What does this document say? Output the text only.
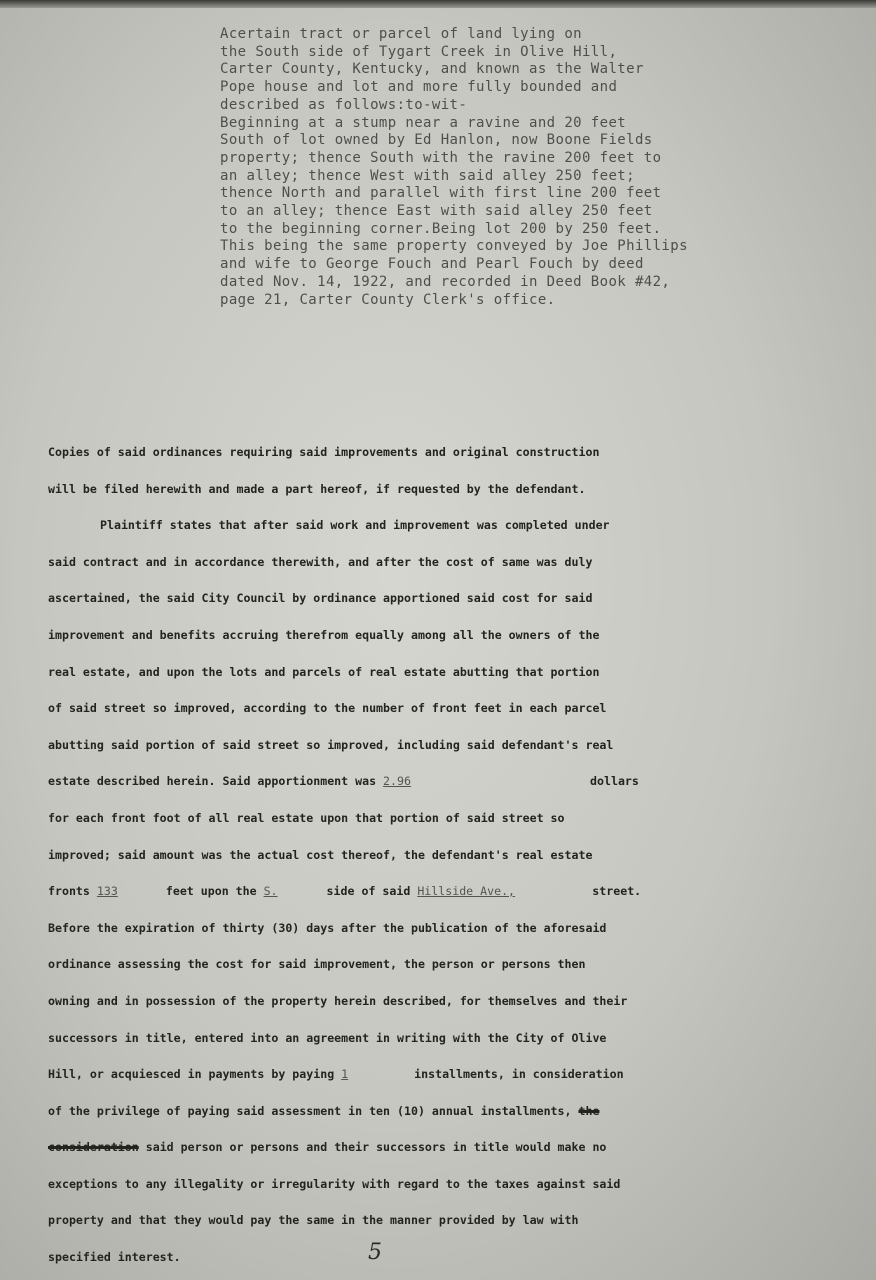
Acertain tract or parcel of land lying on
the South side of Tygart Creek in Olive Hill,
Carter County, Kentucky, and known as the Walter
Pope house and lot and more fully bounded and
described as follows:to-wit-
Beginning at a stump near a ravine and 20 feet
South of lot owned by Ed Hanlon, now Boone Fields
property; thence South with the ravine 200 feet to
an alley; thence West with said alley 250 feet;
thence North and parallel with first line 200 feet
to an alley; thence East with said alley 250 feet
to the beginning corner.Being lot 200 by 250 feet.
This being the same property conveyed by Joe Phillips
and wife to George Fouch and Pearl Fouch by deed
dated Nov. 14, 1922, and recorded in Deed Book #42,
page 21, Carter County Clerk's office.
Copies of said ordinances requiring said improvements and original construction
will be filed herewith and made a part hereof, if requested by the defendant.
Plaintiff states that after said work and improvement was completed under
said contract and in accordance therewith, and after the cost of same was duly
ascertained, the said City Council by ordinance apportioned said cost for said
improvement and benefits accruing therefrom equally among all the owners of the
real estate, and upon the lots and parcels of real estate abutting that portion
of said street so improved, according to the number of front feet in each parcel
abutting said portion of said street so improved, including said defendant's real
estate described herein. Said apportionment was 2.96	dollars
for each front foot of all real estate upon that portion of said street so
improved; said amount was the actual cost thereof, the defendant's real estate
fronts 133	feet upon the S.	side of said Hillside Ave.,	street.
Before the expiration of thirty (30) days after the publication of the aforesaid
ordinance assessing the cost for said improvement, the person or persons then
owning and in possession of the property herein described, for themselves and their
successors in title, entered into an agreement in writing with the City of Olive
Hill, or acquiesced in payments by paying 1	installments, in consideration
of the privilege of paying said assessment in ten (10) annual installments, the
consideration said person or persons and their successors in title would make no
exceptions to any illegality or irregularity with regard to the taxes against said
property and that they would pay the same in the manner provided by law with
specified interest.	5
